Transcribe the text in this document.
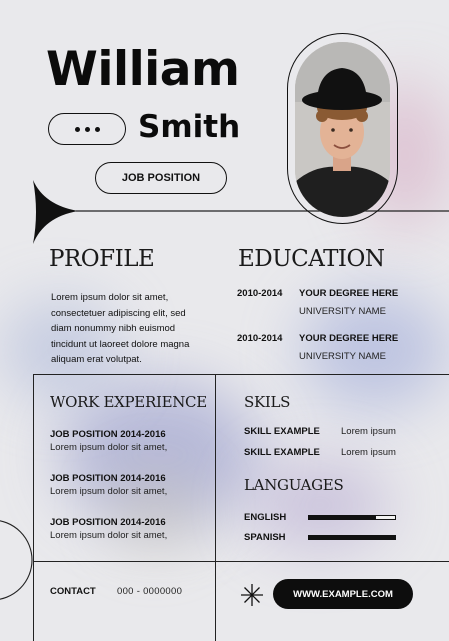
William
Smith
JOB POSITION
PROFILE
Lorem ipsum dolor sit amet, consectetuer adipiscing elit, sed diam nonummy nibh euismod tincidunt ut laoreet dolore magna aliquam erat volutpat.
EDUCATION
2010-2014 YOUR DEGREE HERE
UNIVERSITY NAME
2010-2014 YOUR DEGREE HERE
UNIVERSITY NAME
WORK EXPERIENCE
JOB POSITION 2014-2016
Lorem ipsum dolor sit amet,
JOB POSITION 2014-2016
Lorem ipsum dolor sit amet,
JOB POSITION 2014-2016
Lorem ipsum dolor sit amet,
SKILS
SKILL EXAMPLE Lorem ipsum
SKILL EXAMPLE Lorem ipsum
LANGUAGES
ENGLISH
SPANISH
CONTACT 000 - 0000000	WWW.EXAMPLE.COM
